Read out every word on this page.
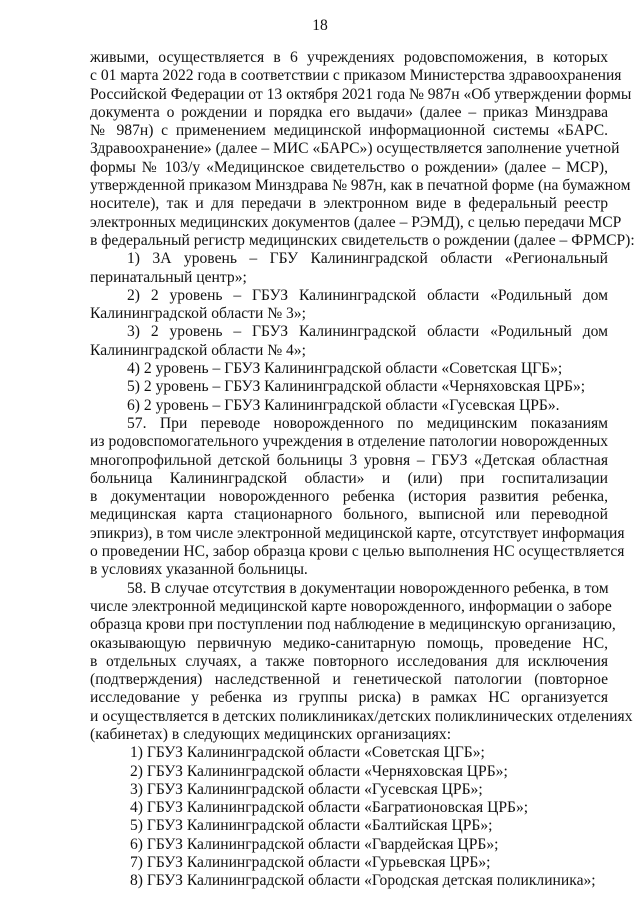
18
живыми, осуществляется в 6 учреждениях родовспоможения, в которых
с 01 марта 2022 года в соответствии с приказом Министерства здравоохранения
Российской Федерации от 13 октября 2021 года № 987н «Об утверждении формы
документа о рождении и порядка его выдачи» (далее – приказ Минздрава
№ 987н) с применением медицинской информационной системы «БАРС.
Здравоохранение» (далее – МИС «БАРС») осуществляется заполнение учетной
формы № 103/у «Медицинское свидетельство о рождении» (далее – МСР),
утвержденной приказом Минздрава № 987н, как в печатной форме (на бумажном
носителе), так и для передачи в электронном виде в федеральный реестр
электронных медицинских документов (далее – РЭМД), с целью передачи МСР
в федеральный регистр медицинских свидетельств о рождении (далее – ФРМСР):
1) 3А уровень – ГБУ Калининградской области «Региональный
перинатальный центр»;
2) 2 уровень – ГБУЗ Калининградской области «Родильный дом
Калининградской области № 3»;
3) 2 уровень – ГБУЗ Калининградской области «Родильный дом
Калининградской области № 4»;
4) 2 уровень – ГБУЗ Калининградской области «Советская ЦГБ»;
5) 2 уровень – ГБУЗ Калининградской области «Черняховская ЦРБ»;
6) 2 уровень – ГБУЗ Калининградской области «Гусевская ЦРБ».
57. При переводе новорожденного по медицинским показаниям
из родовспомогательного учреждения в отделение патологии новорожденных
многопрофильной детской больницы 3 уровня – ГБУЗ «Детская областная
больница Калининградской области» и (или) при госпитализации
в документации новорожденного ребенка (история развития ребенка,
медицинская карта стационарного больного, выписной или переводной
эпикриз), в том числе электронной медицинской карте, отсутствует информация
о проведении НС, забор образца крови с целью выполнения НС осуществляется
в условиях указанной больницы.
58. В случае отсутствия в документации новорожденного ребенка, в том
числе электронной медицинской карте новорожденного, информации о заборе
образца крови при поступлении под наблюдение в медицинскую организацию,
оказывающую первичную медико-санитарную помощь, проведение НС,
в отдельных случаях, а также повторного исследования для исключения
(подтверждения) наследственной и генетической патологии (повторное
исследование у ребенка из группы риска) в рамках НС организуется
и осуществляется в детских поликлиниках/детских поликлинических отделениях
(кабинетах) в следующих медицинских организациях:
1) ГБУЗ Калининградской области «Советская ЦГБ»;
2) ГБУЗ Калининградской области «Черняховская ЦРБ»;
3) ГБУЗ Калининградской области «Гусевская ЦРБ»;
4) ГБУЗ Калининградской области «Багратионовская ЦРБ»;
5) ГБУЗ Калининградской области «Балтийская ЦРБ»;
6) ГБУЗ Калининградской области «Гвардейская ЦРБ»;
7) ГБУЗ Калининградской области «Гурьевская ЦРБ»;
8) ГБУЗ Калининградской области «Городская детская поликлиника»;
